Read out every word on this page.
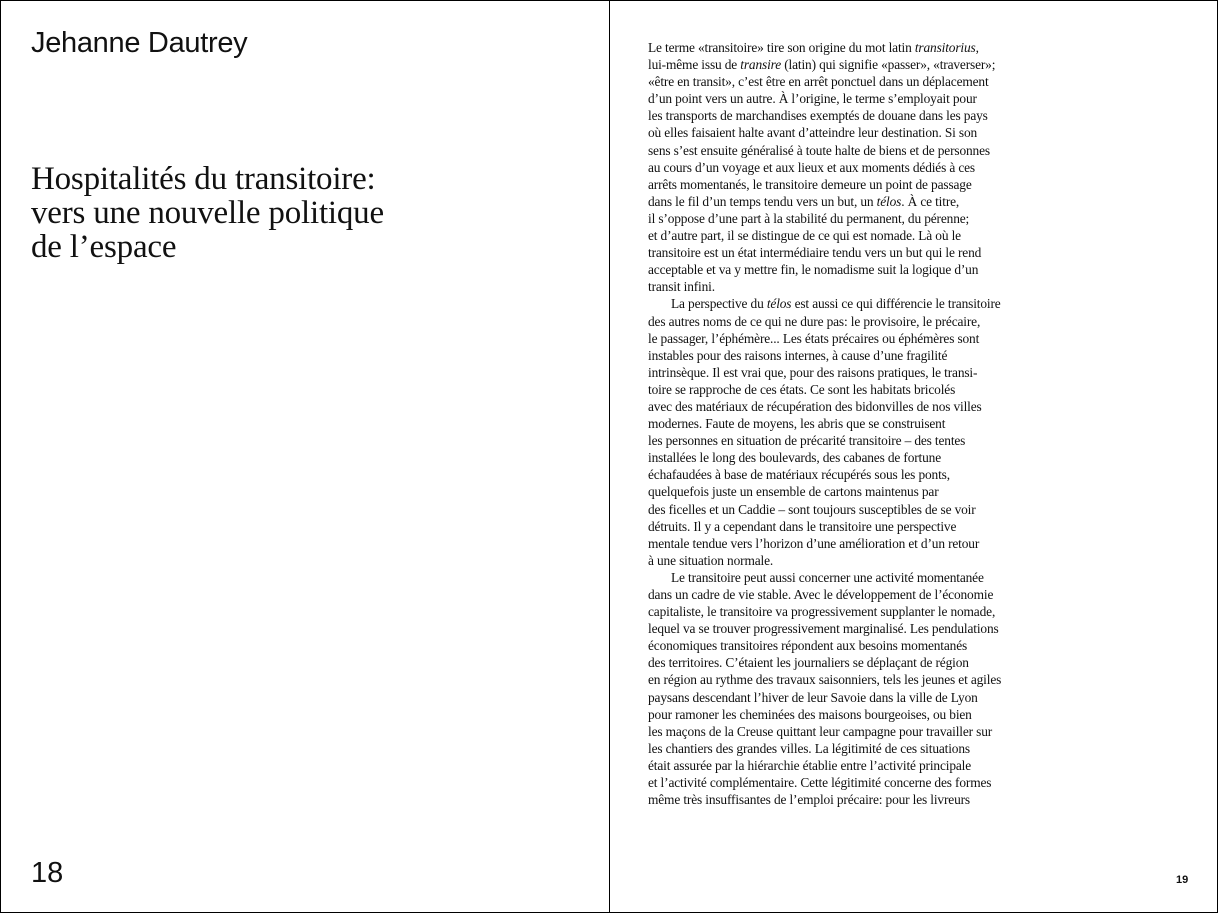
Jehanne Dautrey
Hospitalités du transitoire:
vers une nouvelle politique
de l’espace
18
Le terme «transitoire» tire son origine du mot latin transitorius,
lui-même issu de transire (latin) qui signifie «passer», «traverser»;
«être en transit», c’est être en arrêt ponctuel dans un déplacement
d’un point vers un autre. À l’origine, le terme s’employait pour
les transports de marchandises exemptés de douane dans les pays
où elles faisaient halte avant d’atteindre leur destination. Si son
sens s’est ensuite généralisé à toute halte de biens et de personnes
au cours d’un voyage et aux lieux et aux moments dédiés à ces
arrêts momentanés, le transitoire demeure un point de passage
dans le fil d’un temps tendu vers un but, un télos. À ce titre,
il s’oppose d’une part à la stabilité du permanent, du pérenne;
et d’autre part, il se distingue de ce qui est nomade. Là où le
transitoire est un état intermédiaire tendu vers un but qui le rend
acceptable et va y mettre fin, le nomadisme suit la logique d’un
transit infini.
La perspective du télos est aussi ce qui différencie le transitoire
des autres noms de ce qui ne dure pas: le provisoire, le précaire,
le passager, l’éphémère... Les états précaires ou éphémères sont
instables pour des raisons internes, à cause d’une fragilité
intrinsèque. Il est vrai que, pour des raisons pratiques, le transi-
toire se rapproche de ces états. Ce sont les habitats bricolés
avec des matériaux de récupération des bidonvilles de nos villes
modernes. Faute de moyens, les abris que se construisent
les personnes en situation de précarité transitoire – des tentes
installées le long des boulevards, des cabanes de fortune
échafaudées à base de matériaux récupérés sous les ponts,
quelquefois juste un ensemble de cartons maintenus par
des ficelles et un Caddie – sont toujours susceptibles de se voir
détruits. Il y a cependant dans le transitoire une perspective
mentale tendue vers l’horizon d’une amélioration et d’un retour
à une situation normale.
Le transitoire peut aussi concerner une activité momentanée
dans un cadre de vie stable. Avec le développement de l’économie
capitaliste, le transitoire va progressivement supplanter le nomade,
lequel va se trouver progressivement marginalisé. Les pendulations
économiques transitoires répondent aux besoins momentanés
des territoires. C’étaient les journaliers se déplaçant de région
en région au rythme des travaux saisonniers, tels les jeunes et agiles
paysans descendant l’hiver de leur Savoie dans la ville de Lyon
pour ramoner les cheminées des maisons bourgeoises, ou bien
les maçons de la Creuse quittant leur campagne pour travailler sur
les chantiers des grandes villes. La légitimité de ces situations
était assurée par la hiérarchie établie entre l’activité principale
et l’activité complémentaire. Cette légitimité concerne des formes
même très insuffisantes de l’emploi précaire: pour les livreurs
19
